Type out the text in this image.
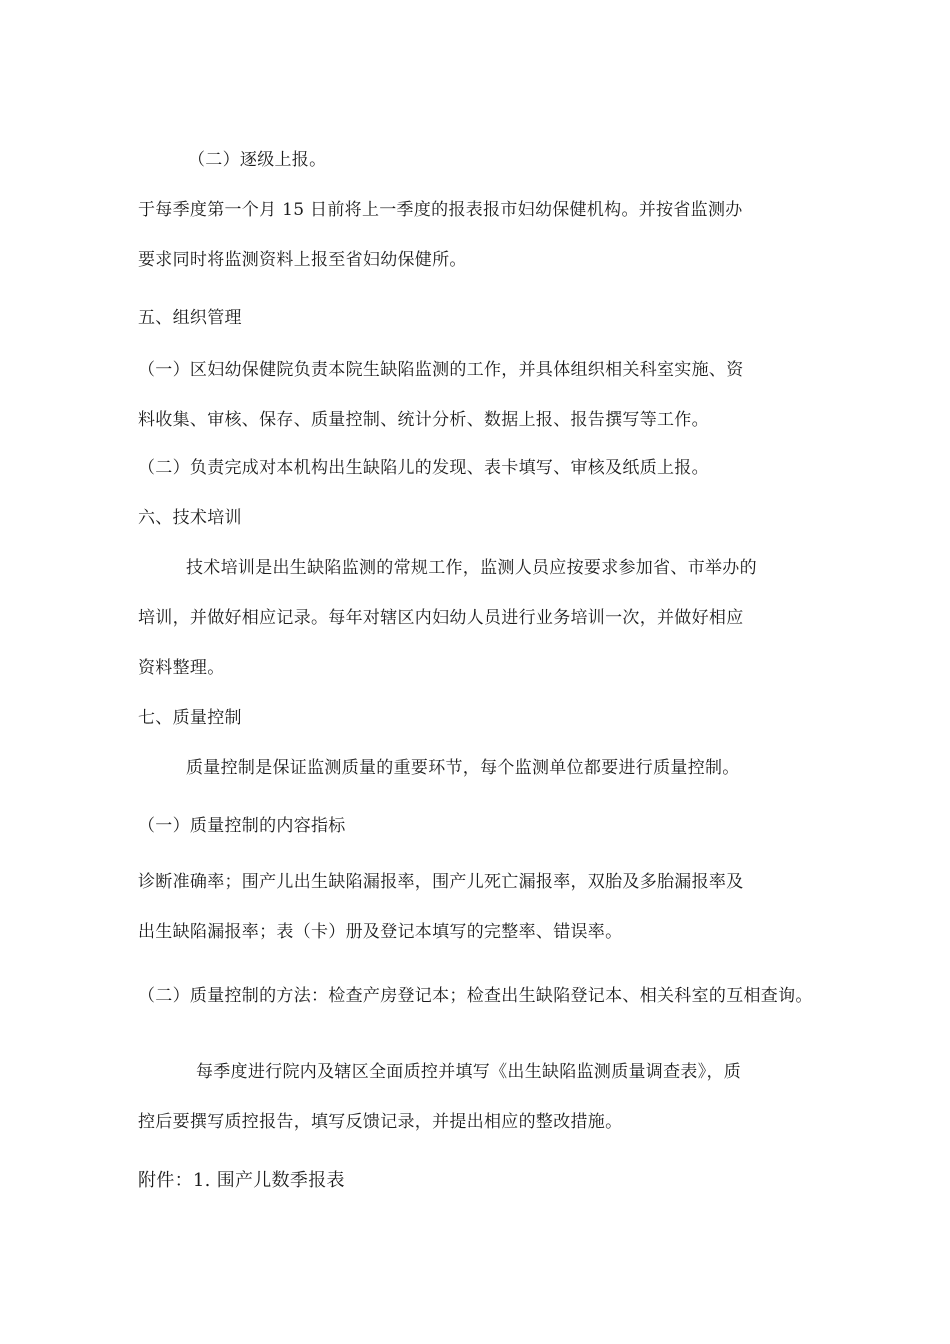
（二）逐级上报。

于每季度第一个月 15 日前将上一季度的报表报市妇幼保健机构。并按省监测办

要求同时将监测资料上报至省妇幼保健所。

五、组织管理

（一）区妇幼保健院负责本院生缺陷监测的工作，并具体组织相关科室实施、资

料收集、审核、保存、质量控制、统计分析、数据上报、报告撰写等工作。

（二）负责完成对本机构出生缺陷儿的发现、表卡填写、审核及纸质上报。

六、技术培训

技术培训是出生缺陷监测的常规工作，监测人员应按要求参加省、市举办的

培训，并做好相应记录。每年对辖区内妇幼人员进行业务培训一次，并做好相应

资料整理。

七、质量控制

质量控制是保证监测质量的重要环节，每个监测单位都要进行质量控制。

（一）质量控制的内容指标

诊断准确率；围产儿出生缺陷漏报率，围产儿死亡漏报率，双胎及多胎漏报率及

出生缺陷漏报率；表（卡）册及登记本填写的完整率、错误率。

（二）质量控制的方法：检查产房登记本；检查出生缺陷登记本、相关科室的互相查询。

每季度进行院内及辖区全面质控并填写《出生缺陷监测质量调查表》，质

控后要撰写质控报告，填写反馈记录，并提出相应的整改措施。

附件：1. 围产儿数季报表
